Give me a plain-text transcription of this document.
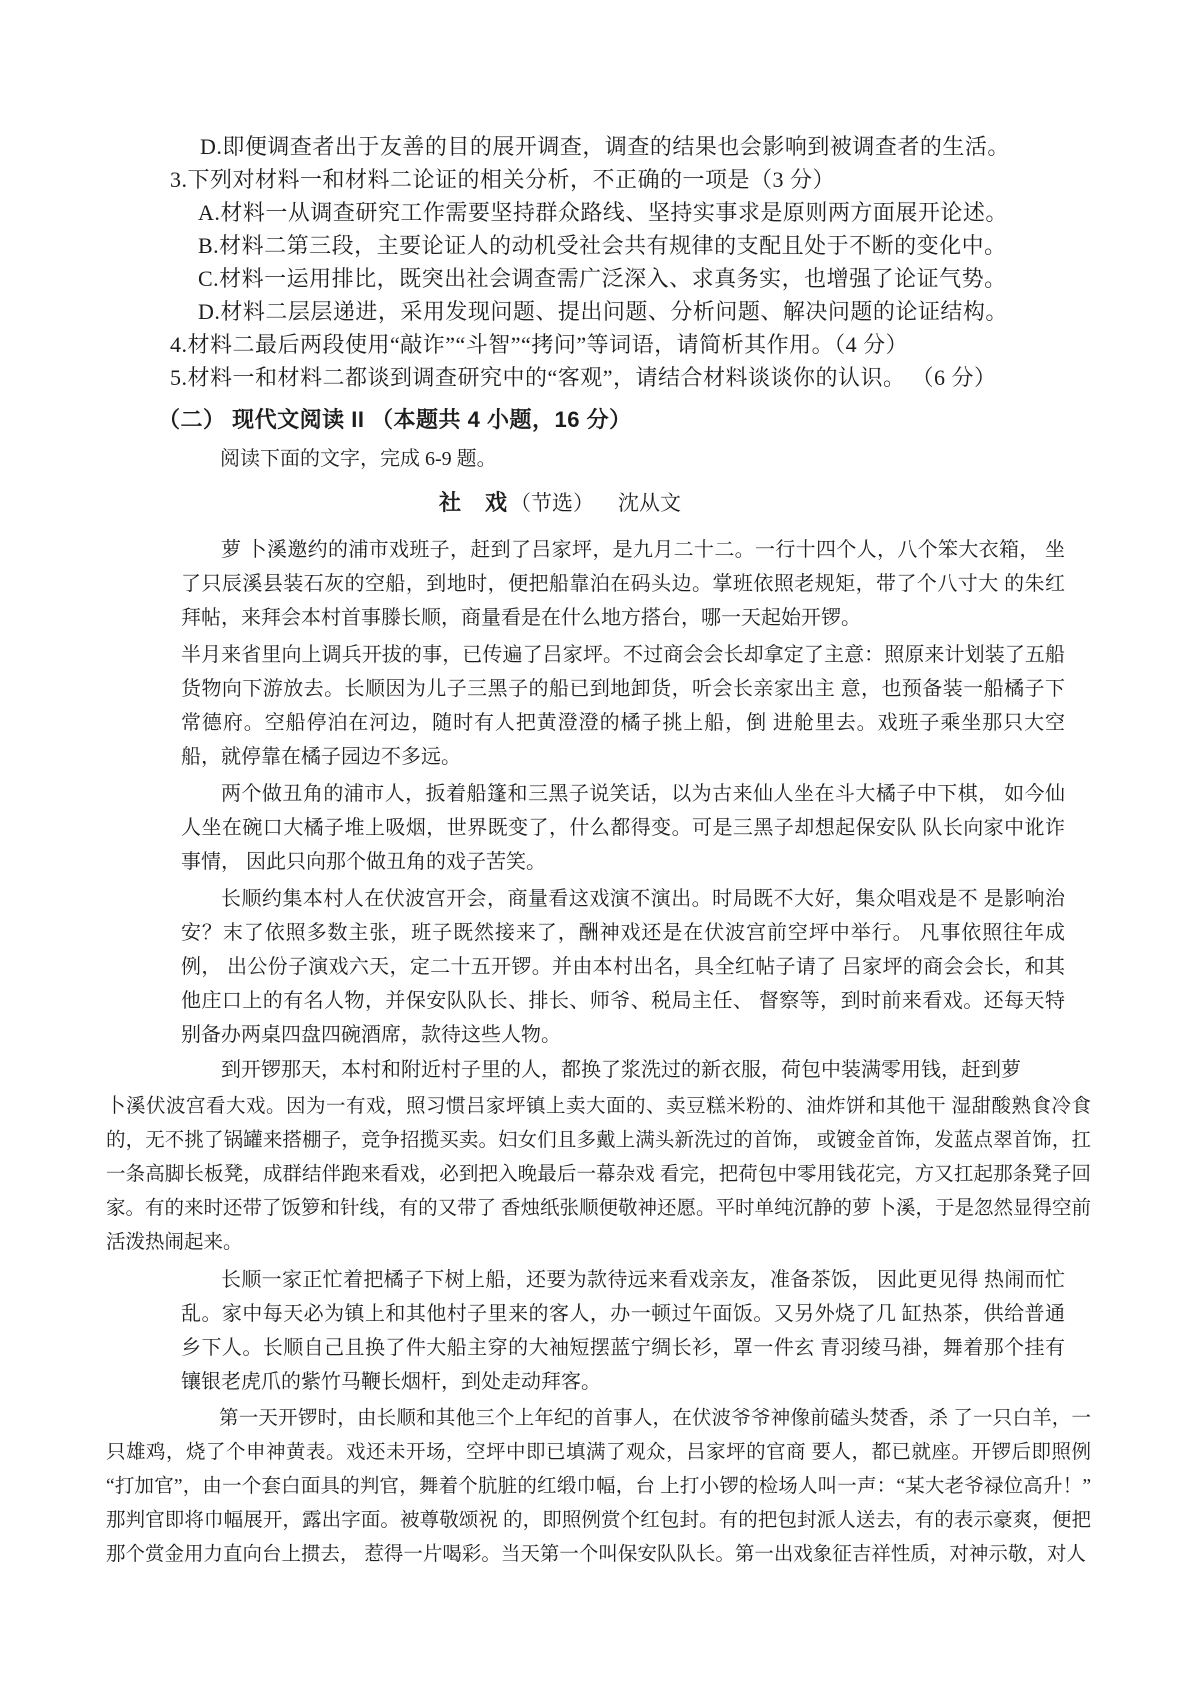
D.即便调查者出于友善的目的展开调查，调查的结果也会影响到被调查者的生活。
3.下列对材料一和材料二论证的相关分析，不正确的一项是（3 分）
A.材料一从调查研究工作需要坚持群众路线、坚持实事求是原则两方面展开论述。
B.材料二第三段，主要论证人的动机受社会共有规律的支配且处于不断的变化中。
C.材料一运用排比，既突出社会调查需广泛深入、求真务实，也增强了论证气势。
D.材料二层层递进，采用发现问题、提出问题、分析问题、解决问题的论证结构。
4.材料二最后两段使用“敲诈”“斗智”“拷问”等词语，请简析其作用。（4 分）
5.材料一和材料二都谈到调查研究中的“客观”，请结合材料谈谈你的认识。 （6 分）
（二） 现代文阅读 II （本题共 4 小题，16 分）
阅读下面的文字，完成 6-9 题。
社　戏（节选） 沈从文
萝 卜溪邀约的浦市戏班子，赶到了吕家坪，是九月二十二。一行十四个人，八个笨大衣箱， 坐了只辰溪县装石灰的空船，到地时，便把船靠泊在码头边。掌班依照老规矩，带了个八寸大 的朱红拜帖，来拜会本村首事滕长顺，商量看是在什么地方搭台，哪一天起始开锣。
半月来省里向上调兵开拔的事，已传遍了吕家坪。不过商会会长却拿定了主意：照原来计划装了五船货物向下游放去。长顺因为儿子三黑子的船已到地卸货，听会长亲家出主 意，也预备装一船橘子下常德府。空船停泊在河边，随时有人把黄澄澄的橘子挑上船，倒 进舱里去。戏班子乘坐那只大空船，就停靠在橘子园边不多远。
两个做丑角的浦市人，扳着船篷和三黑子说笑话，以为古来仙人坐在斗大橘子中下棋， 如今仙人坐在碗口大橘子堆上吸烟，世界既变了，什么都得变。可是三黑子却想起保安队 队长向家中讹诈事情， 因此只向那个做丑角的戏子苦笑。
长顺约集本村人在伏波宫开会，商量看这戏演不演出。时局既不大好，集众唱戏是不 是影响治安？末了依照多数主张，班子既然接来了，酬神戏还是在伏波宫前空坪中举行。 凡事依照往年成例， 出公份子演戏六天，定二十五开锣。并由本村出名，具全红帖子请了 吕家坪的商会会长，和其他庄口上的有名人物，并保安队队长、排长、师爷、税局主任、 督察等，到时前来看戏。还每天特别备办两桌四盘四碗酒席，款待这些人物。
到开锣那天，本村和附近村子里的人，都换了浆洗过的新衣服，荷包中装满零用钱，赶到萝
卜溪伏波宫看大戏。因为一有戏，照习惯吕家坪镇上卖大面的、卖豆糕米粉的、油炸饼和其他干 湿甜酸熟食冷食的，无不挑了锅罐来搭棚子，竞争招揽买卖。妇女们且多戴上满头新洗过的首饰， 或镀金首饰，发蓝点翠首饰，扛一条高脚长板凳，成群结伴跑来看戏，必到把入晚最后一幕杂戏 看完，把荷包中零用钱花完，方又扛起那条凳子回家。有的来时还带了饭箩和针线，有的又带了 香烛纸张顺便敬神还愿。平时单纯沉静的萝 卜溪，于是忽然显得空前活泼热闹起来。
长顺一家正忙着把橘子下树上船，还要为款待远来看戏亲友，准备茶饭， 因此更见得 热闹而忙乱。家中每天必为镇上和其他村子里来的客人，办一顿过午面饭。又另外烧了几 缸热茶，供给普通乡下人。长顺自己且换了件大船主穿的大袖短摆蓝宁绸长衫，罩一件玄 青羽绫马褂，舞着那个挂有镶银老虎爪的紫竹马鞭长烟杆，到处走动拜客。
第一天开锣时，由长顺和其他三个上年纪的首事人，在伏波爷爷神像前磕头焚香，杀 了一只白羊，一只雄鸡，烧了个申神黄表。戏还未开场，空坪中即已填满了观众，吕家坪的官商 要人，都已就座。开锣后即照例“打加官”，由一个套白面具的判官，舞着个肮脏的红缎巾幅，台 上打小锣的检场人叫一声：“某大老爷禄位高升！”那判官即将巾幅展开，露出字面。被尊敬颂祝 的，即照例赏个红包封。有的把包封派人送去，有的表示豪爽，便把那个赏金用力直向台上掼去， 惹得一片喝彩。当天第一个叫保安队队长。第一出戏象征吉祥性质，对神示敬，对人
